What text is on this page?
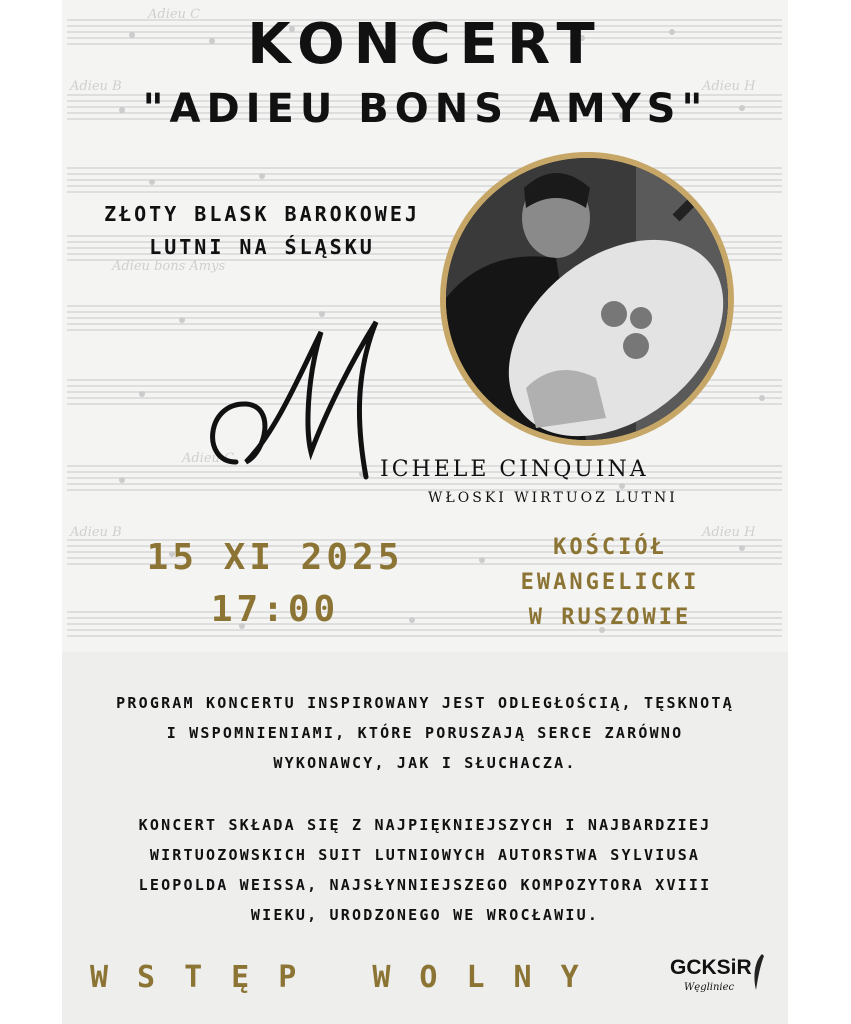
Adieu C
Adieu B	Adieu H
Adieu bons Amys
Adieu C
Adieu B	Adieu H
KONCERT
"ADIEU BONS AMYS"
ZŁOTY BLASK BAROKOWEJ
LUTNI NA ŚLĄSKU
ICHELE CINQUINA
WŁOSKI WIRTUOZ LUTNI
15 XI 2025
17:00
KOŚCIÓŁ
EWANGELICKI
W RUSZOWIE
PROGRAM KONCERTU INSPIROWANY JEST ODLEGŁOŚCIĄ, TĘSKNOTĄ
I WSPOMNIENIAMI, KTÓRE PORUSZAJĄ SERCE ZARÓWNO
WYKONAWCY, JAK I SŁUCHACZA.
KONCERT SKŁADA SIĘ Z NAJPIĘKNIEJSZYCH I NAJBARDZIEJ
WIRTUOZOWSKICH SUIT LUTNIOWYCH AUTORSTWA SYLVIUSA
LEOPOLDA WEISSA, NAJSŁYNNIEJSZEGO KOMPOZYTORA XVIII
WIEKU, URODZONEGO WE WROCŁAWIU.
WSTĘP WOLNY	GCKSiR
Węgliniec
